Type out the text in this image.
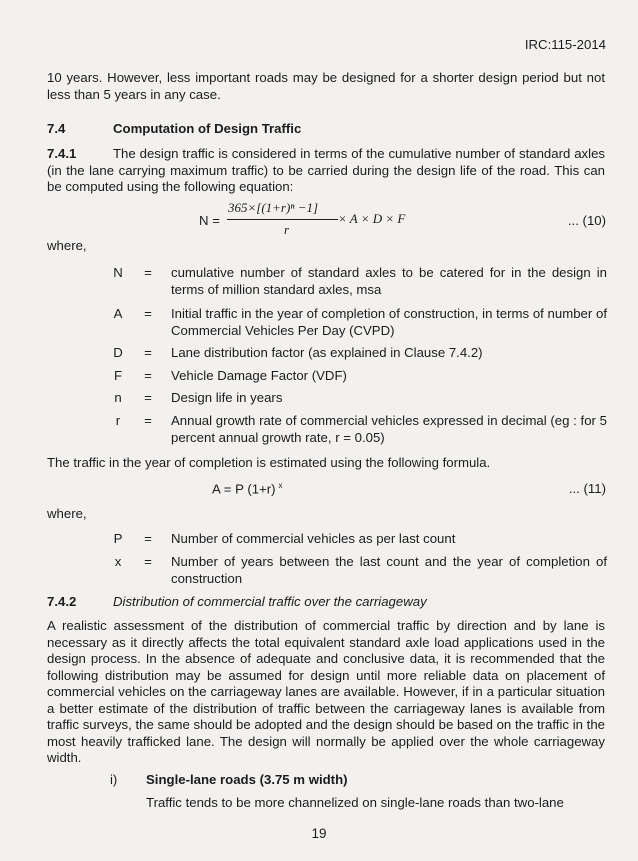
IRC:115-2014

10 years. However, less important roads may be designed for a shorter design period but not less than 5 years in any case.

7.4	Computation of Design Traffic
7.4.1	The design traffic is considered in terms of the cumulative number of standard axles (in the lane carrying maximum traffic) to be carried during the design life of the road. This can be computed using the following equation:

N =
365×[(1+r)ⁿ −1]
r
× A × D × F	... (10)
where,
N	=	cumulative number of standard axles to be catered for in the design in terms of million standard axles, msa
A	=	Initial traffic in the year of completion of construction, in terms of number of Commercial Vehicles Per Day (CVPD)
D	=	Lane distribution factor (as explained in Clause 7.4.2)
F	=	Vehicle Damage Factor (VDF)
n	=	Design life in years
r	=	Annual growth rate of commercial vehicles expressed in decimal (eg : for 5 percent annual growth rate, r = 0.05)

The traffic in the year of completion is estimated using the following formula.

A = P (1+r) $^x$	... (11)
where,
P	=	Number of commercial vehicles as per last count
x	=	Number of years between the last count and the year of completion of construction
7.4.2	Distribution of commercial traffic over the carriageway

A realistic assessment of the distribution of commercial traffic by direction and by lane is necessary as it directly affects the total equivalent standard axle load applications used in the design process. In the absence of adequate and conclusive data, it is recommended that the following distribution may be assumed for design until more reliable data on placement of commercial vehicles on the carriageway lanes are available. However, if in a particular situation a better estimate of the distribution of traffic between the carriageway lanes is available from traffic surveys, the same should be adopted and the design should be based on the traffic in the most heavily trafficked lane. The design will normally be applied over the whole carriageway width.

i) Single-lane roads (3.75 m width)
Traffic tends to be more channelized on single-lane roads than two-lane
19
